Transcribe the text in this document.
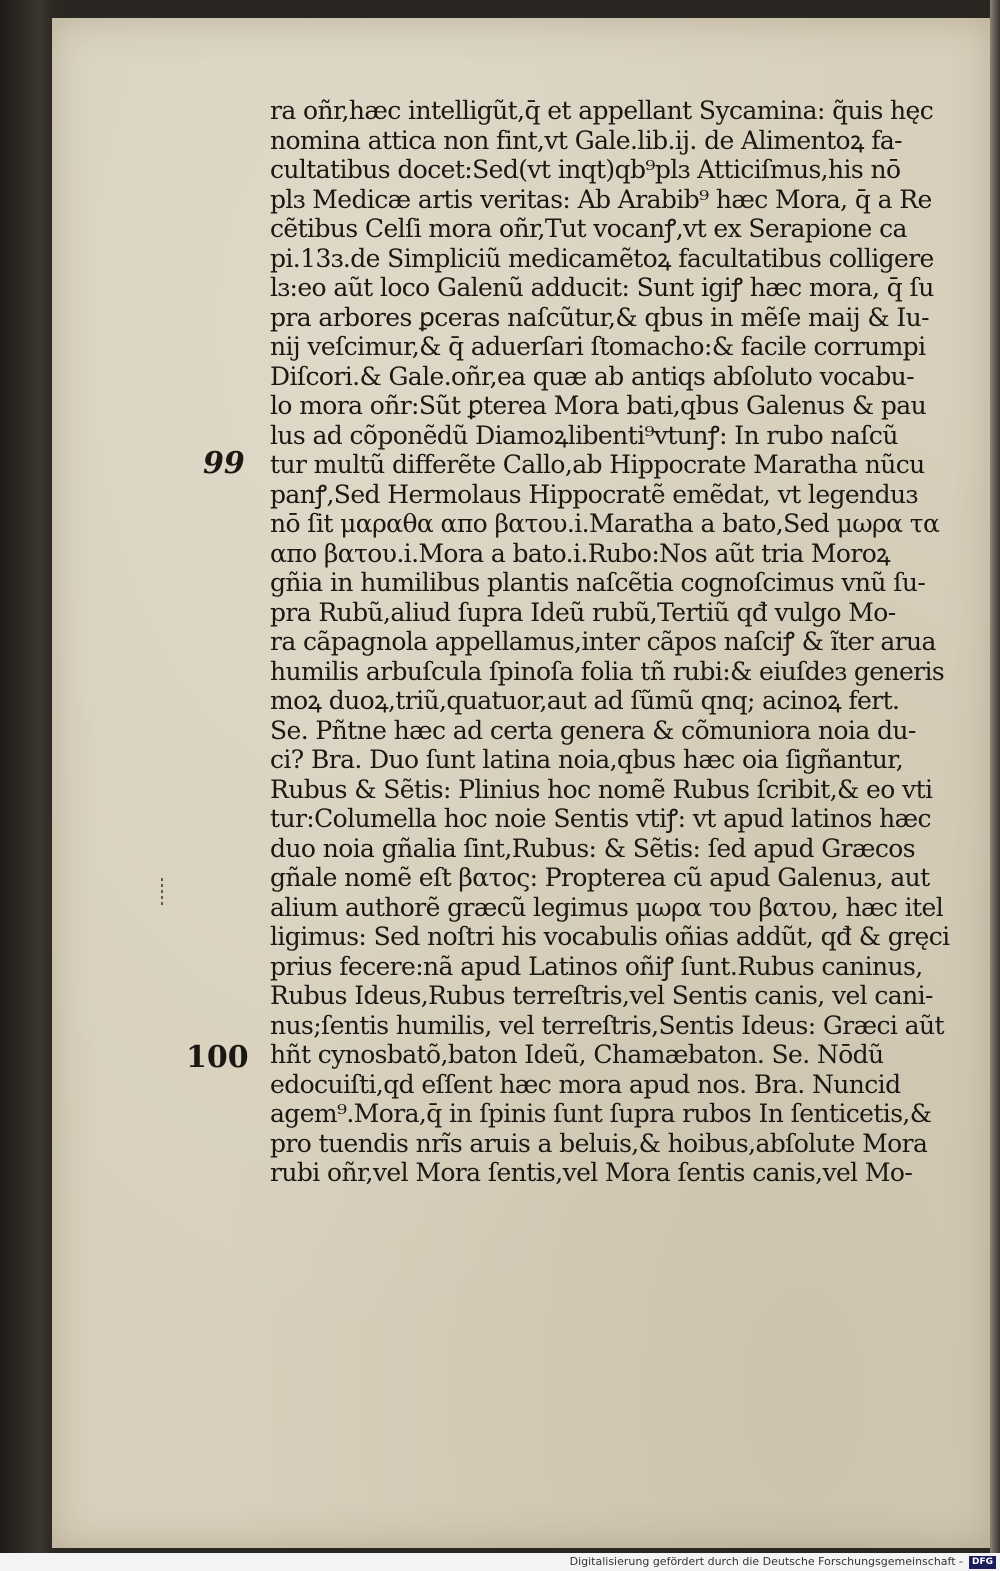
99
100
ra oñr,hæc intelligũt,q̄ et appellant Sycamina: q̃uis hęc
nomina attica non fint,vt Gale.lib.ij. de Alimentoꝝ fa-
cultatibus docet:Sed(vt inqt)qb⁹plɜ Atticiſmus,his nō
plɜ Medicæ artis veritas: Ab Arabib⁹ hæc Mora, q̄ a Re
cẽtibus Celſi mora oñr,Tut vocanꝭ,vt ex Serapione ca
pi.13ɜ.de Simpliciũ medicamẽtoꝝ facultatibus colligere
lɜ:eo aũt loco Galenũ adducit: Sunt igiꝭ hæc mora, q̄ ſu
pra arbores ꝑceras naſcũtur,& qbus in mẽſe maij & Iu-
nij veſcimur,& q̄ aduerſari ſtomacho:& facile corrumpi
Diſcori.& Gale.oñr,ea quæ ab antiqs abſoluto vocabu-
lo mora oñr:Sũt ꝑterea Mora bati,qbus Galenus & pau
lus ad cõponẽdũ Diamoꝝlibenti⁹vtunꝭ: In rubo naſcũ
tur multũ differẽte Callo,ab Hippocrate Maratha nũcu
panꝭ,Sed Hermolaus Hippocratẽ emẽdat, vt legenduɜ
nō ſit μαραθα απο βατου.i.Maratha a bato,Sed μωρα τα
απο βατου.i.Mora a bato.i.Rubo:Nos aũt tria Moroꝝ
gñia in humilibus plantis naſcẽtia cognoſcimus vnũ ſu-
pra Rubũ,aliud ſupra Ideũ rubũ,Tertiũ qđ vulgo Mo-
ra cãpagnola appellamus,inter cãpos naſciꝭ & ĩter arua
humilis arbuſcula ſpinoſa folia tñ rubi:& eiuſdeɜ generis
moꝝ duoꝝ,triũ,quatuor,aut ad ſũmũ qnq; acinoꝝ fert.
Se. Pñtne hæc ad certa genera & cõmuniora noia du-
ci? Bra. Duo ſunt latina noia,qbus hæc oia ſigñantur,
Rubus & Sẽtis: Plinius hoc nomẽ Rubus ſcribit,& eo vti
tur:Columella hoc noie Sentis vtiꝭ: vt apud latinos hæc
duo noia gñalia ſint,Rubus: & Sẽtis: ſed apud Græcos
gñale nomẽ eſt βατος: Propterea cũ apud Galenuɜ, aut
alium authorẽ græcũ legimus μωρα του βατου, hæc itel
ligimus: Sed noſtri his vocabulis oñias addũt, qđ & gręci
prius fecere:nã apud Latinos oñiꝭ ſunt.Rubus caninus,
Rubus Ideus,Rubus terreſtris,vel Sentis canis, vel cani-
nus;ſentis humilis, vel terreſtris,Sentis Ideus: Græci aũt
hñt cynosbatõ,baton Ideũ, Chamæbaton. Se. Nōdũ
edocuiſti,qd eſſent hæc mora apud nos. Bra. Nuncid
agem⁹.Mora,q̄ in ſpinis ſunt ſupra rubos In ſenticetis,&
pro tuendis nrĩs aruis a beluis,& hoibus,abſolute Mora
rubi oñr,vel Mora ſentis,vel Mora ſentis canis,vel Mo-
Digitalisierung gefördert durch die Deutsche Forschungsgemeinschaft - DFG
